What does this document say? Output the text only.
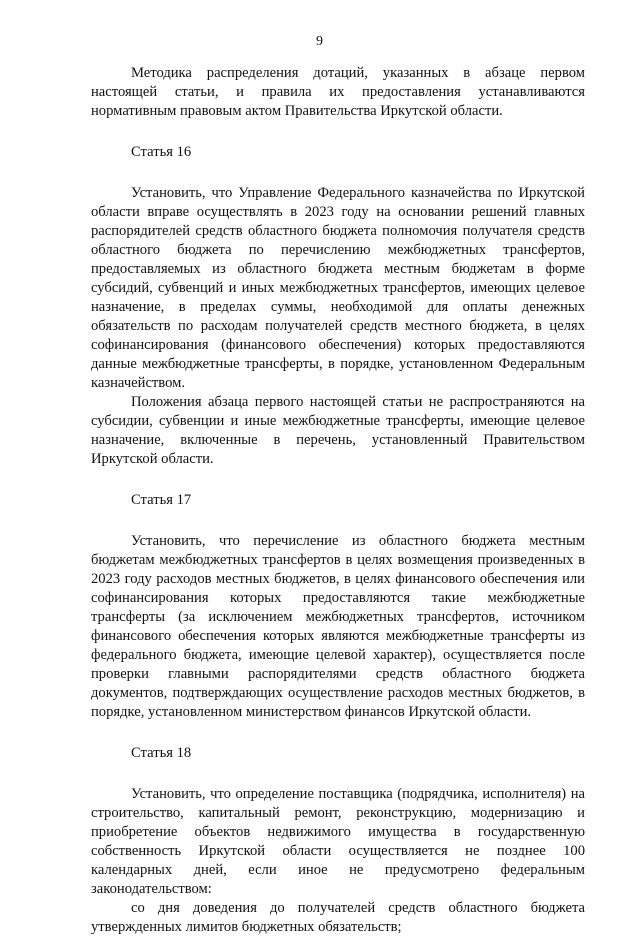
9

Методика распределения дотаций, указанных в абзаце первом настоящей статьи, и правила их предоставления устанавливаются нормативным правовым актом Правительства Иркутской области.

Статья 16

Установить, что Управление Федерального казначейства по Иркутской области вправе осуществлять в 2023 году на основании решений главных распорядителей средств областного бюджета полномочия получателя средств областного бюджета по перечислению межбюджетных трансфертов, предоставляемых из областного бюджета местным бюджетам в форме субсидий, субвенций и иных межбюджетных трансфертов, имеющих целевое назначение, в пределах суммы, необходимой для оплаты денежных обязательств по расходам получателей средств местного бюджета, в целях софинансирования (финансового обеспечения) которых предоставляются данные межбюджетные трансферты, в порядке, установленном Федеральным казначейством.

Положения абзаца первого настоящей статьи не распространяются на субсидии, субвенции и иные межбюджетные трансферты, имеющие целевое назначение, включенные в перечень, установленный Правительством Иркутской области.

Статья 17

Установить, что перечисление из областного бюджета местным бюджетам межбюджетных трансфертов в целях возмещения произведенных в 2023 году расходов местных бюджетов, в целях финансового обеспечения или софинансирования которых предоставляются такие межбюджетные трансферты (за исключением межбюджетных трансфертов, источником финансового обеспечения которых являются межбюджетные трансферты из федерального бюджета, имеющие целевой характер), осуществляется после проверки главными распорядителями средств областного бюджета документов, подтверждающих осуществление расходов местных бюджетов, в порядке, установленном министерством финансов Иркутской области.

Статья 18

Установить, что определение поставщика (подрядчика, исполнителя) на строительство, капитальный ремонт, реконструкцию, модернизацию и приобретение объектов недвижимого имущества в государственную собственность Иркутской области осуществляется не позднее 100 календарных дней, если иное не предусмотрено федеральным законодательством:

со дня доведения до получателей средств областного бюджета утвержденных лимитов бюджетных обязательств;
